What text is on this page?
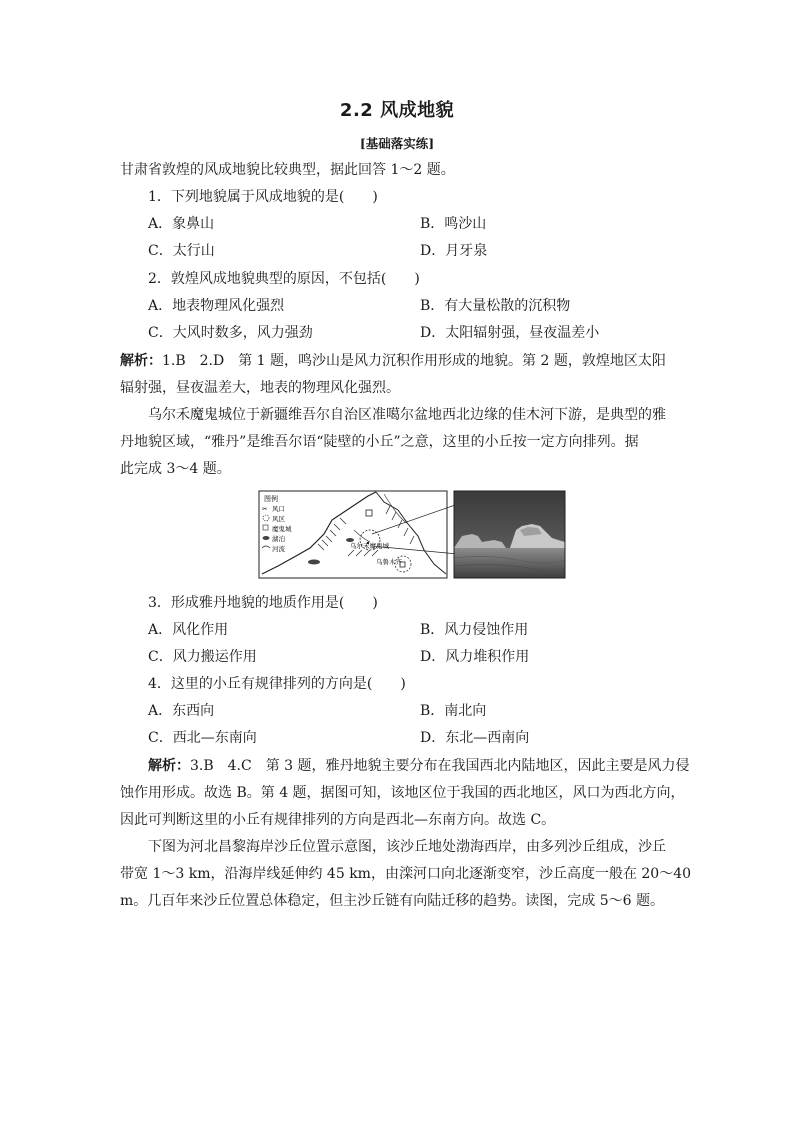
2.2 风成地貌
[基础落实练]
甘肃省敦煌的风成地貌比较典型，据此回答 1～2 题。
1．下列地貌属于风成地貌的是(　　)
A．象鼻山	B．鸣沙山
C．太行山	D．月牙泉
2．敦煌风成地貌典型的原因，不包括(　　)
A．地表物理风化强烈	B．有大量松散的沉积物
C．大风时数多，风力强劲	D．太阳辐射强，昼夜温差小
解析：1.B　2.D　第 1 题，鸣沙山是风力沉积作用形成的地貌。第 2 题，敦煌地区太阳
辐射强，昼夜温差大，地表的物理风化强烈。
乌尔禾魔鬼城位于新疆维吾尔自治区准噶尔盆地西北边缘的佳木河下游，是典型的雅
丹地貌区域，“雅丹”是维吾尔语“陡壁的小丘”之意，这里的小丘按一定方向排列。据
此完成 3～4 题。
图例
✂ 风口
风区
魔鬼城
湖泊
河流	乌尔禾魔鬼城
乌鲁木齐
3．形成雅丹地貌的地质作用是(　　)
A．风化作用	B．风力侵蚀作用
C．风力搬运作用	D．风力堆积作用
4．这里的小丘有规律排列的方向是(　　)
A．东西向	B．南北向
C．西北—东南向	D．东北—西南向
解析：3.B　4.C　第 3 题，雅丹地貌主要分布在我国西北内陆地区，因此主要是风力侵
蚀作用形成。故选 B。第 4 题，据图可知，该地区位于我国的西北地区，风口为西北方向，
因此可判断这里的小丘有规律排列的方向是西北—东南方向。故选 C。
下图为河北昌黎海岸沙丘位置示意图，该沙丘地处渤海西岸，由多列沙丘组成，沙丘
带宽 1～3 km，沿海岸线延伸约 45 km，由滦河口向北逐渐变窄，沙丘高度一般在 20～40
m。几百年来沙丘位置总体稳定，但主沙丘链有向陆迁移的趋势。读图，完成 5～6 题。
